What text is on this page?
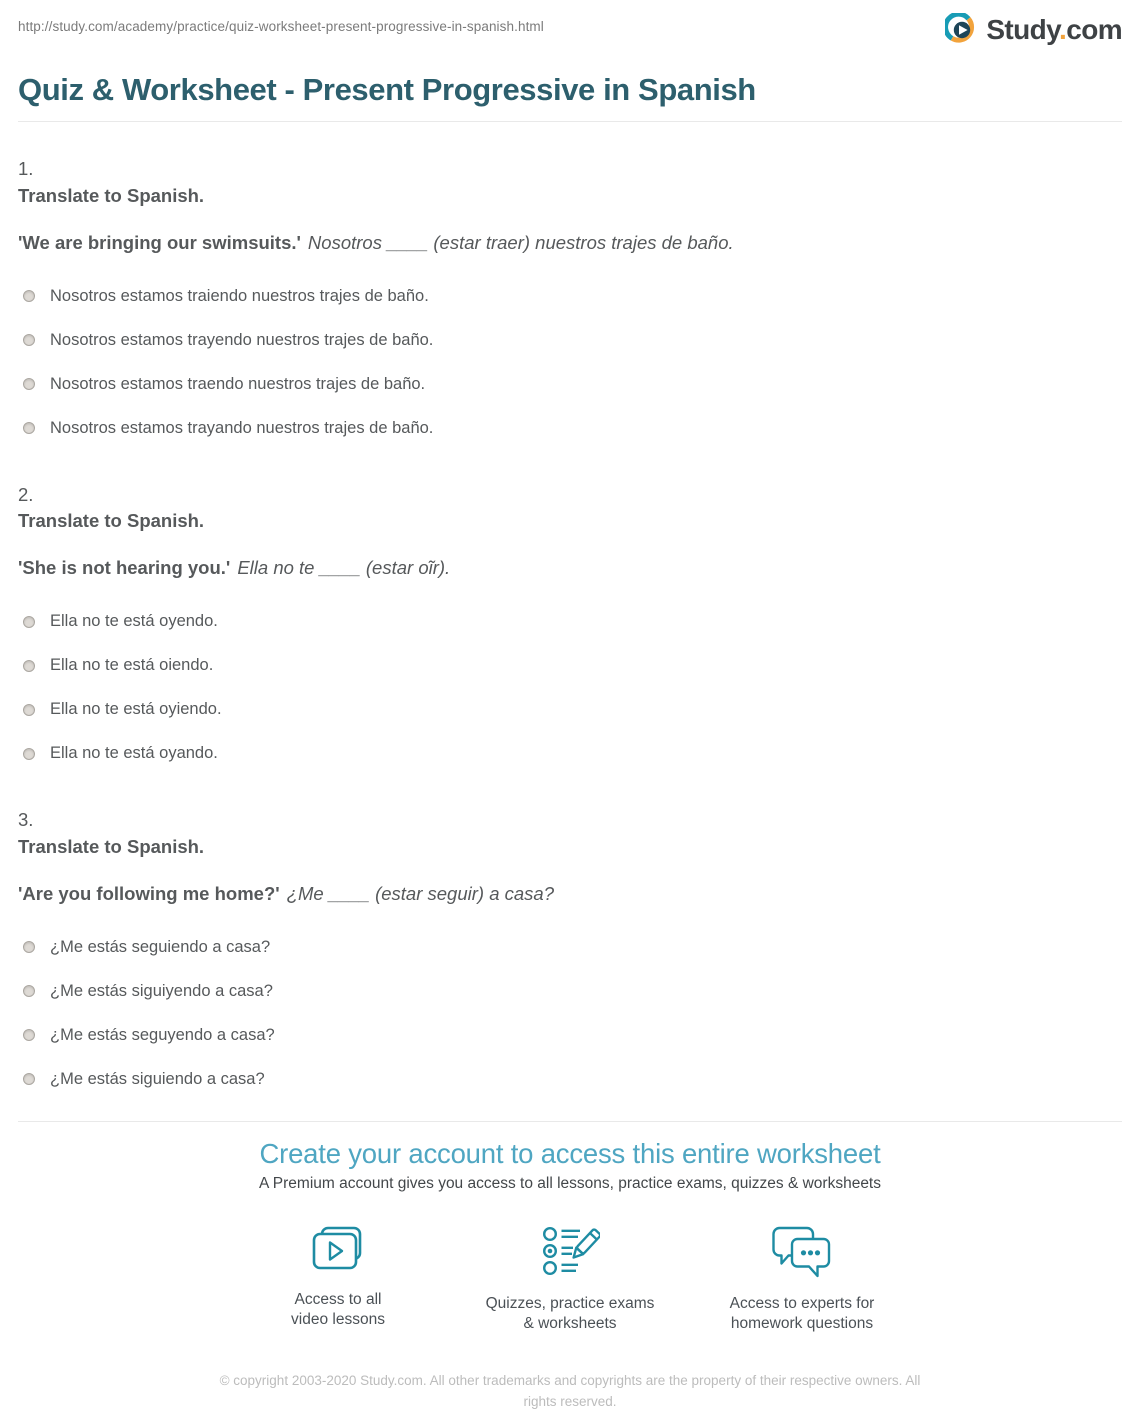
http://study.com/academy/practice/quiz-worksheet-present-progressive-in-spanish.html	Study.com
Quiz & Worksheet - Present Progressive in Spanish
1.
Translate to Spanish.

'We are bringing our swimsuits.' Nosotros ____ (estar traer) nuestros trajes de baño.

Nosotros estamos traiendo nuestros trajes de baño.
Nosotros estamos trayendo nuestros trajes de baño.
Nosotros estamos traendo nuestros trajes de baño.
Nosotros estamos trayando nuestros trajes de baño.
2.
Translate to Spanish.

'She is not hearing you.' Ella no te ____ (estar oĩr).

Ella no te está oyendo.
Ella no te está oiendo.
Ella no te está oyiendo.
Ella no te está oyando.
3.
Translate to Spanish.

'Are you following me home?' ¿Me ____ (estar seguir) a casa?

¿Me estás seguiendo a casa?
¿Me estás siguiyendo a casa?
¿Me estás seguyendo a casa?
¿Me estás siguiendo a casa?
Create your account to access this entire worksheet
A Premium account gives you access to all lessons, practice exams, quizzes & worksheets
Access to all
video lessons
Quizzes, practice exams
& worksheets
Access to experts for
homework questions
© copyright 2003-2020 Study.com. All other trademarks and copyrights are the property of their respective owners. All rights reserved.
